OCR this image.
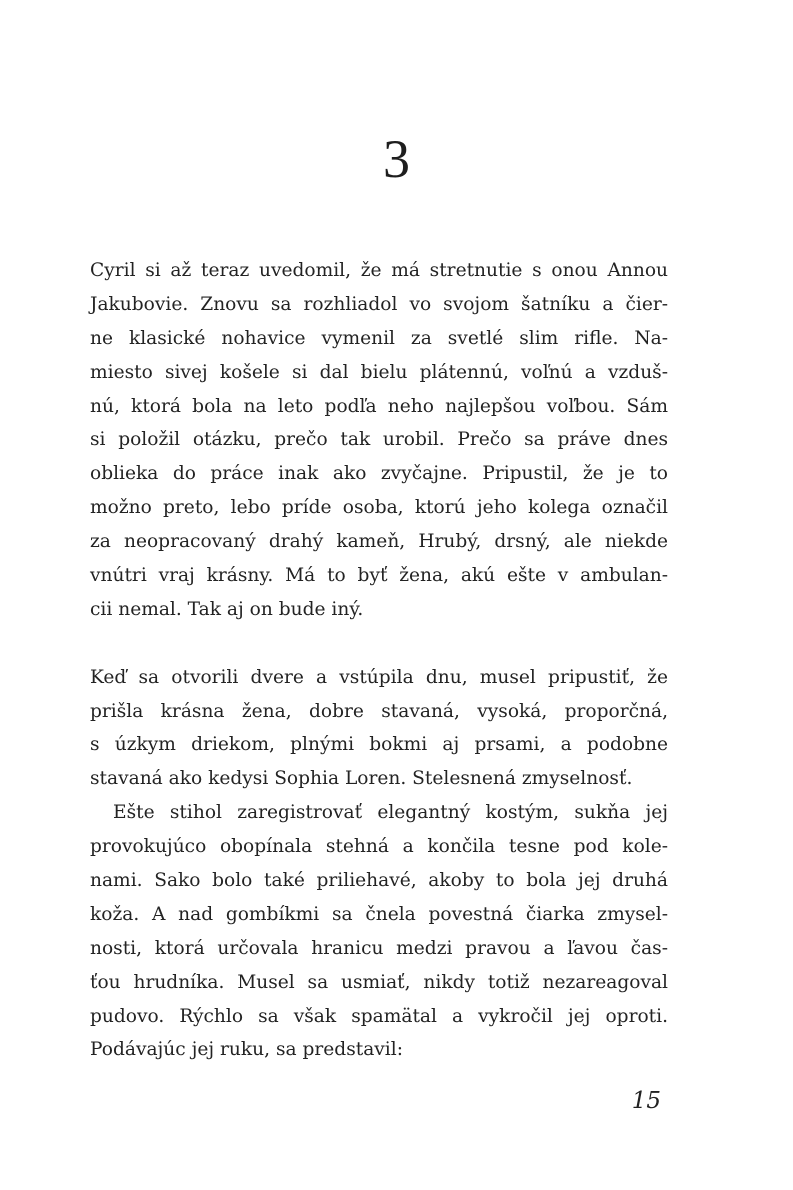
3
Cyril si až teraz uvedomil, že má stretnutie s onou Annou
Jakubovie. Znovu sa rozhliadol vo svojom šatníku a čier-
ne klasické nohavice vymenil za svetlé slim rifle. Na-
miesto sivej košele si dal bielu plátennú, voľnú a vzduš-
nú, ktorá bola na leto podľa neho najlepšou voľbou. Sám
si položil otázku, prečo tak urobil. Prečo sa práve dnes
oblieka do práce inak ako zvyčajne. Pripustil, že je to
možno preto, lebo príde osoba, ktorú jeho kolega označil
za neopracovaný drahý kameň, Hrubý, drsný, ale niekde
vnútri vraj krásny. Má to byť žena, akú ešte v ambulan-
cii nemal. Tak aj on bude iný.
Keď sa otvorili dvere a vstúpila dnu, musel pripustiť, že
prišla krásna žena, dobre stavaná, vysoká, proporčná,
s úzkym driekom, plnými bokmi aj prsami, a podobne
stavaná ako kedysi Sophia Loren. Stelesnená zmyselnosť.
Ešte stihol zaregistrovať elegantný kostým, sukňa jej
provokujúco obopínala stehná a končila tesne pod kole-
nami. Sako bolo také priliehavé, akoby to bola jej druhá
koža. A nad gombíkmi sa čnela povestná čiarka zmysel-
nosti, ktorá určovala hranicu medzi pravou a ľavou čas-
ťou hrudníka. Musel sa usmiať, nikdy totiž nezareagoval
pudovo. Rýchlo sa však spamätal a vykročil jej oproti.
Podávajúc jej ruku, sa predstavil:
15
